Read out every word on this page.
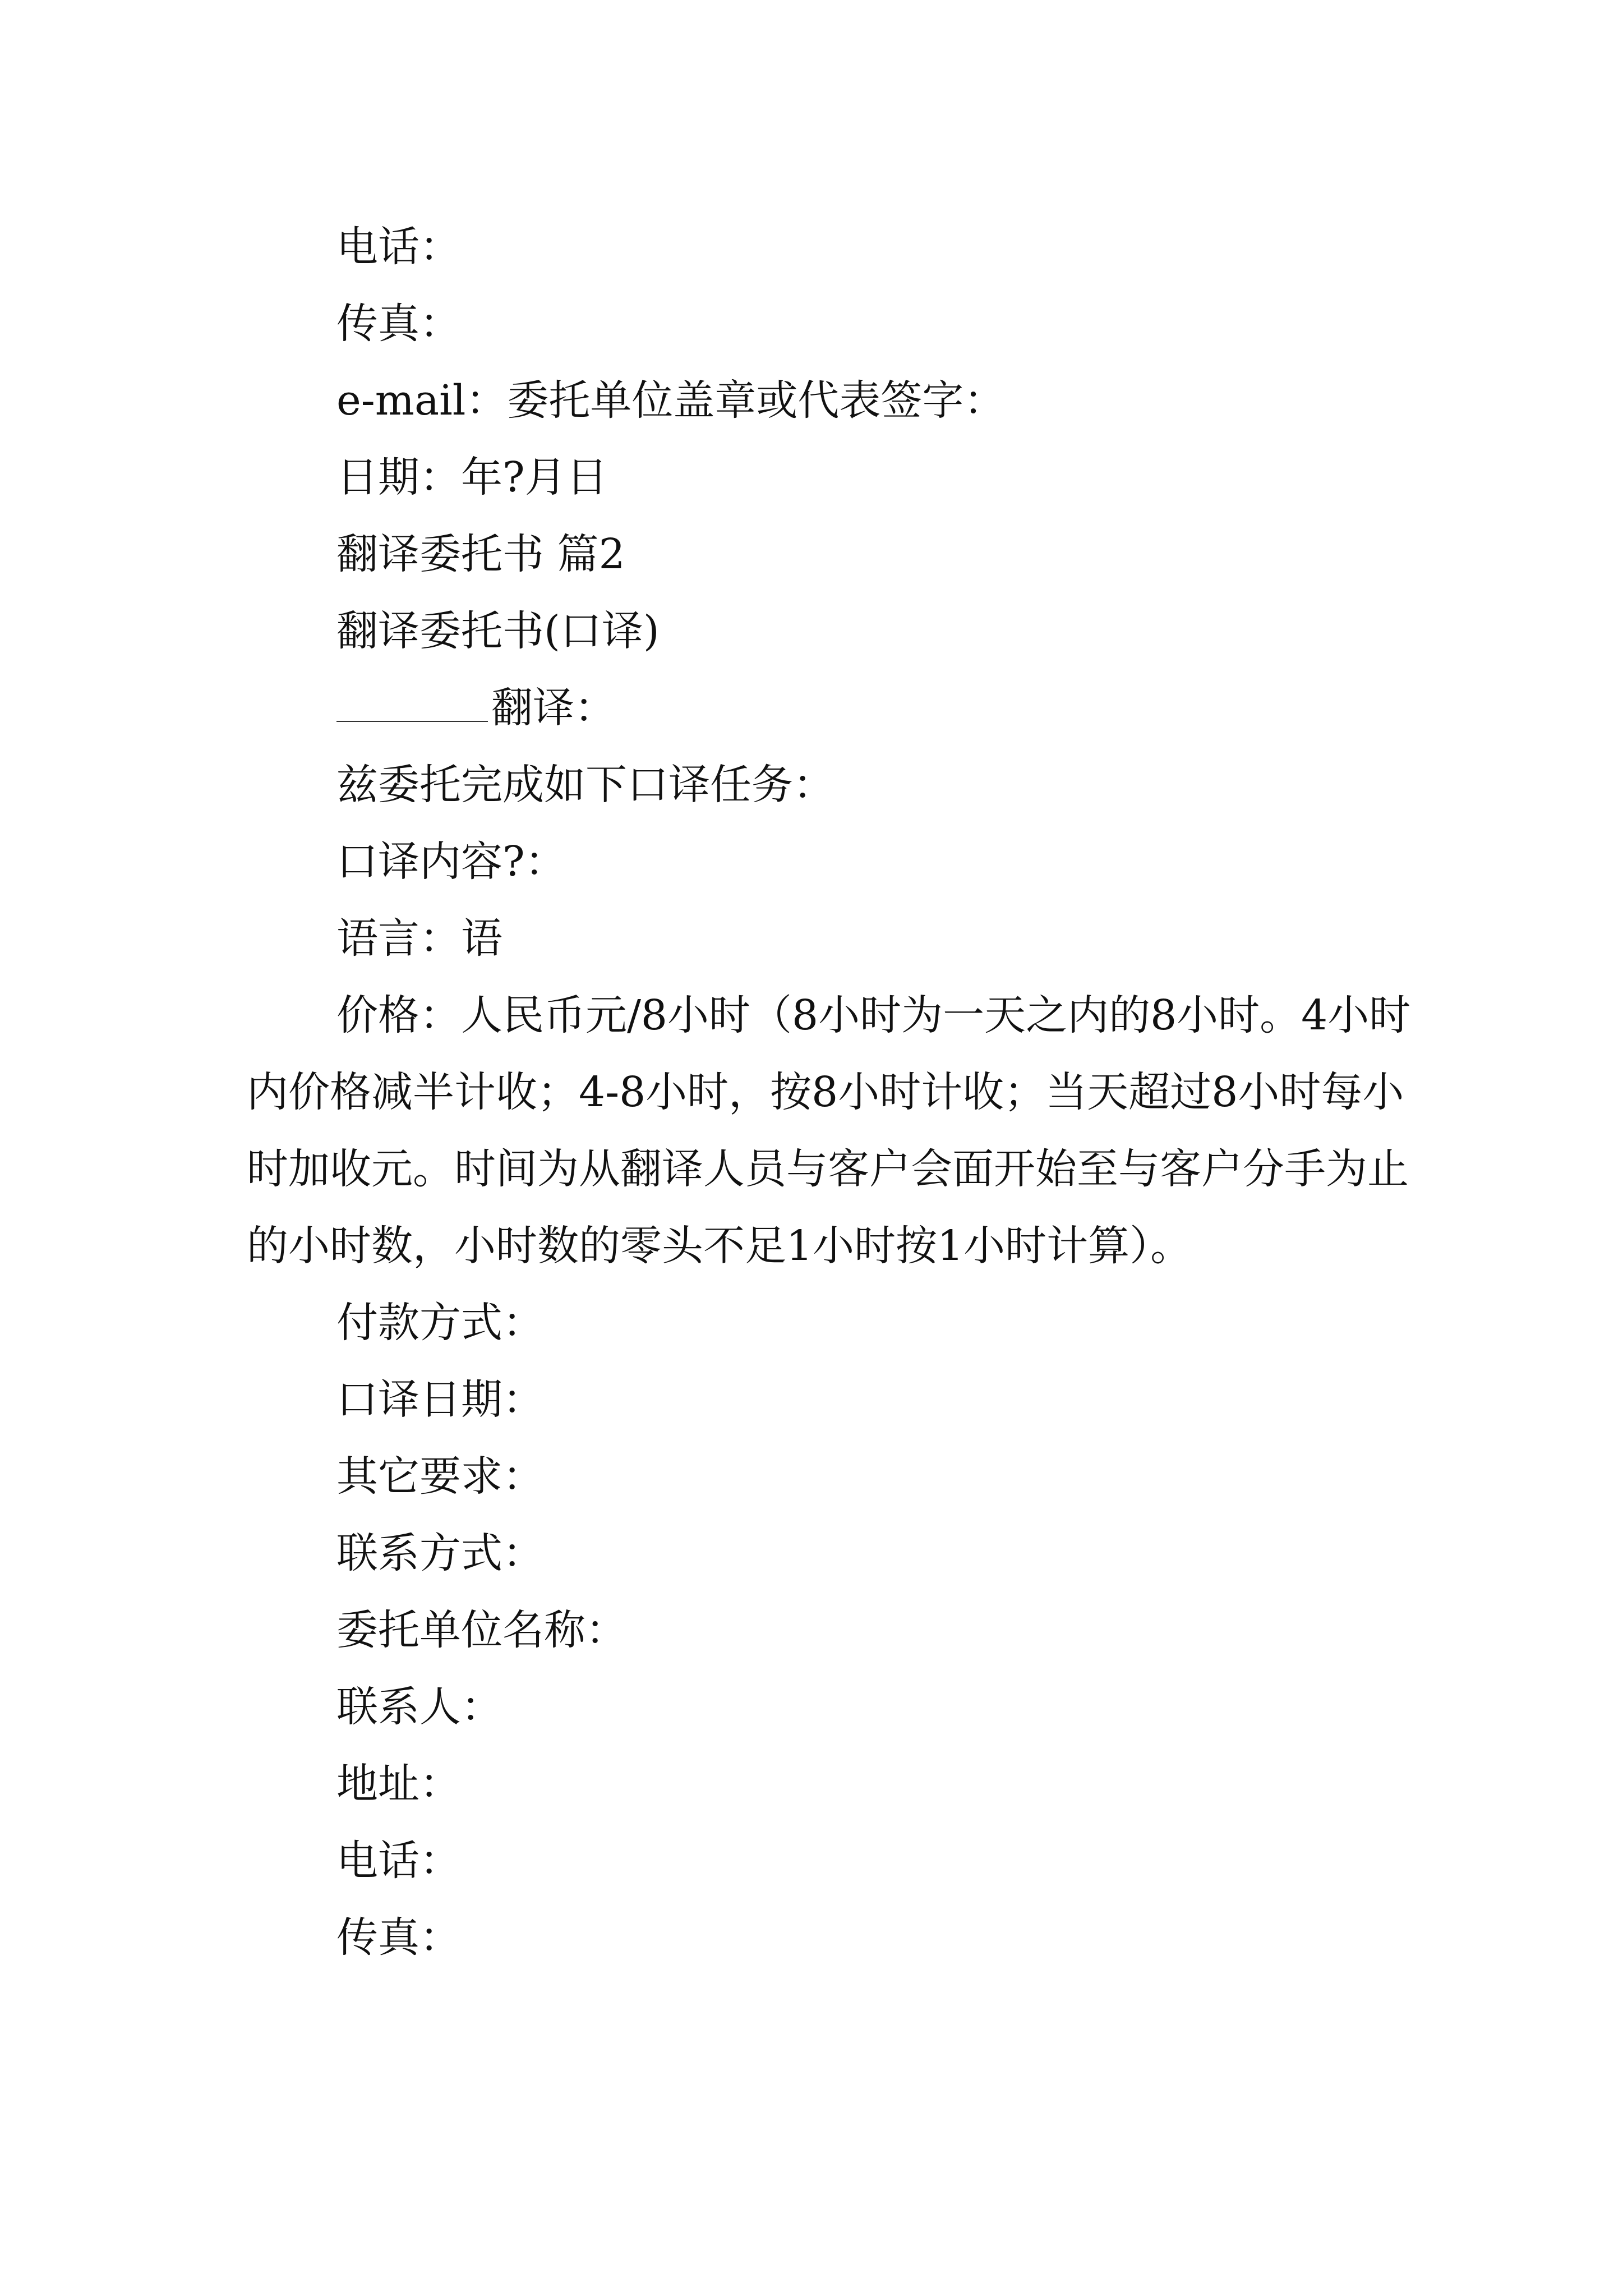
电话：
传真：
e-mail：委托单位盖章或代表签字：
日期：年?月日
翻译委托书 篇2
翻译委托书(口译)
翻译：
兹委托完成如下口译任务：
口译内容?：
语言：语

价格：人民币元/8小时（8小时为一天之内的8小时。4小时内价格减半计收；4-8小时，按8小时计收；当天超过8小时每小时加收元。时间为从翻译人员与客户会面开始至与客户分手为止的小时数，小时数的零头不足1小时按1小时计算）。

付款方式：
口译日期：
其它要求：
联系方式：
委托单位名称：
联系人：
地址：
电话：
传真：
